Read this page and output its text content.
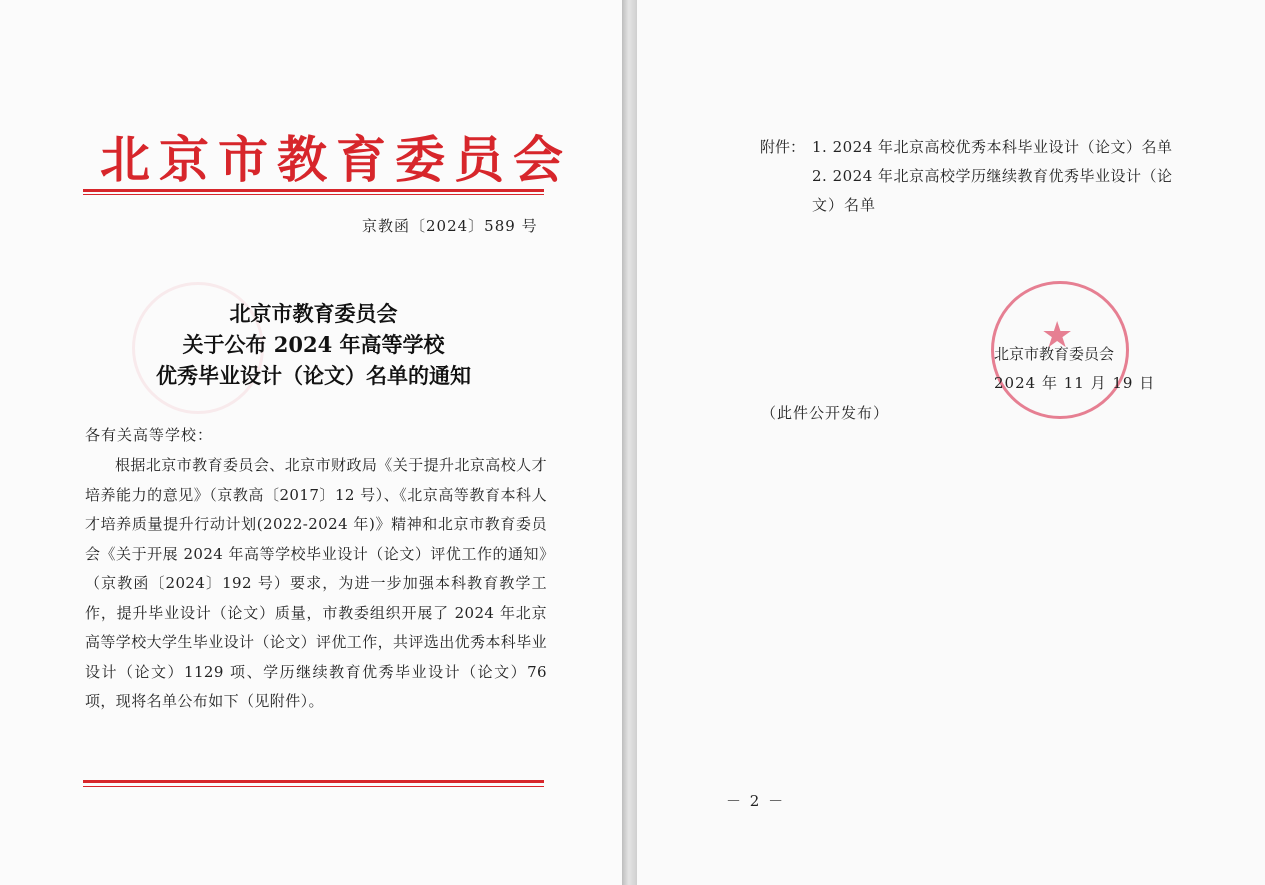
北京市教育委员会
京教函〔2024〕589 号
北京市教育委员会
关于公布 2024 年高等学校
优秀毕业设计（论文）名单的通知
各有关高等学校：
根据北京市教育委员会、北京市财政局《关于提升北京高校人才培养能力的意见》（京教高〔2017〕12 号）、《北京高等教育本科人才培养质量提升行动计划(2022-2024 年)》精神和北京市教育委员会《关于开展 2024 年高等学校毕业设计（论文）评优工作的通知》（京教函〔2024〕192 号）要求，为进一步加强本科教育教学工作，提升毕业设计（论文）质量，市教委组织开展了 2024 年北京高等学校大学生毕业设计（论文）评优工作，共评选出优秀本科毕业设计（论文）1129 项、学历继续教育优秀毕业设计（论文）76 项，现将名单公布如下（见附件）。
附件： 1. 2024 年北京高校优秀本科毕业设计（论文）名单
2. 2024 年北京高校学历继续教育优秀毕业设计（论
文）名单
★
北京市教育委员会
2024 年 11 月 19 日
（此件公开发布）
－ 2 －
